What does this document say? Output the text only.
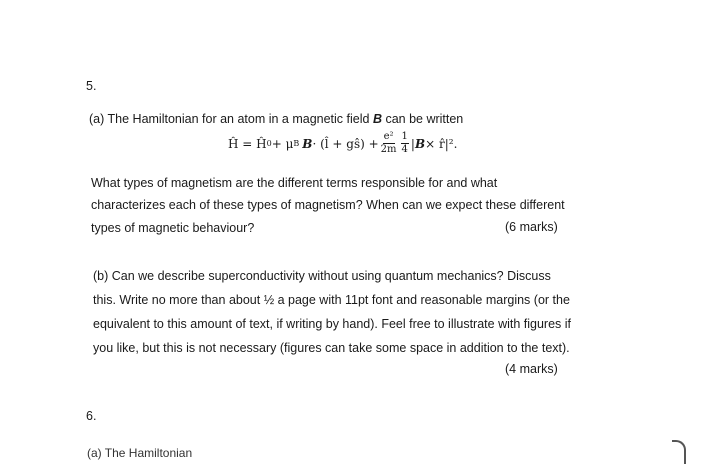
5.
(a) The Hamiltonian for an atom in a magnetic field B can be written
Ĥ = Ĥ 0 + μ B B · (l̂ + gŝ) + $\frac{\text{e²}}{2m} \frac{1}{4}$ | B × r̂|².
What types of magnetism are the different terms responsible for and what
characterizes each of these types of magnetism? When can we expect these different
types of magnetic behaviour?	(6 marks)
(b) Can we describe superconductivity without using quantum mechanics? Discuss
this. Write no more than about ½ a page with 11pt font and reasonable margins (or the
equivalent to this amount of text, if writing by hand). Feel free to illustrate with figures if
you like, but this is not necessary (figures can take some space in addition to the text).
(4 marks)
6.
(a) The Hamiltonian
